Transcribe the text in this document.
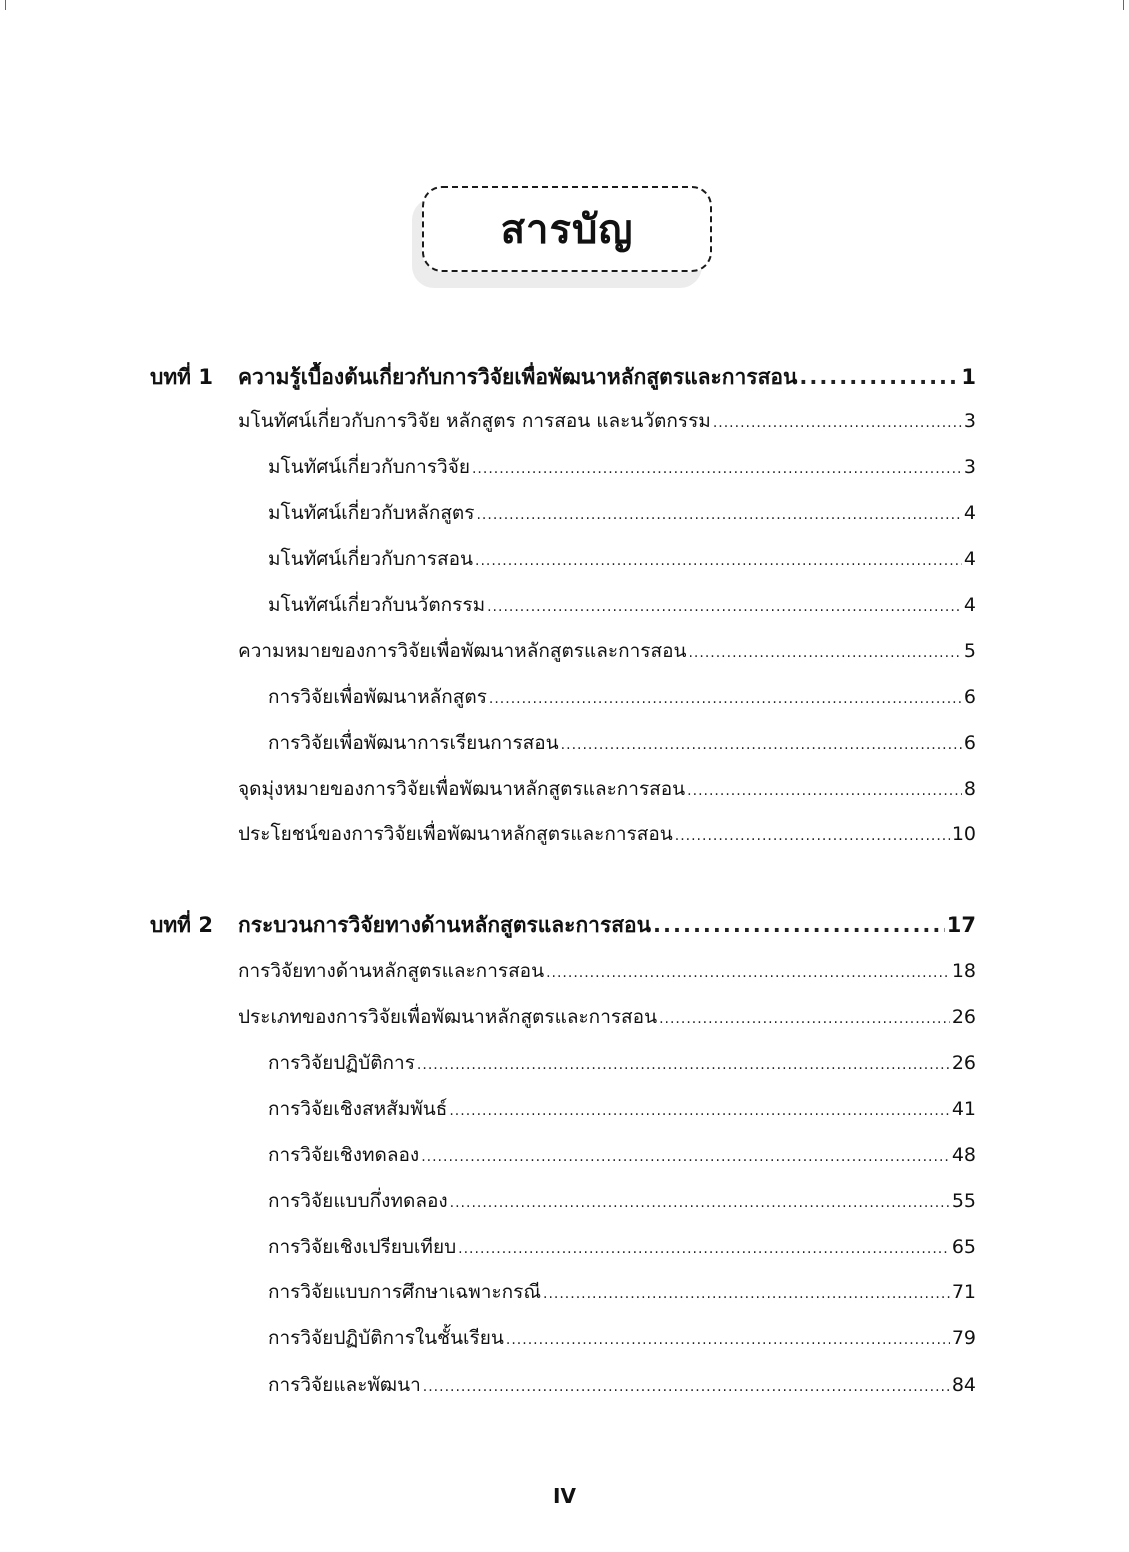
สารบัญ
บทที่ 1	ความรู้เบื้องต้นเกี่ยวกับการวิจัยเพื่อพัฒนาหลักสูตรและการสอน .....	1
มโนทัศน์เกี่ยวกับการวิจัย หลักสูตร การสอน และนวัตกรรม .....	3
มโนทัศน์เกี่ยวกับการวิจัย .....	3
มโนทัศน์เกี่ยวกับหลักสูตร .....	4
มโนทัศน์เกี่ยวกับการสอน .....	4
มโนทัศน์เกี่ยวกับนวัตกรรม .....	4
ความหมายของการวิจัยเพื่อพัฒนาหลักสูตรและการสอน .....	5
การวิจัยเพื่อพัฒนาหลักสูตร .....	6
การวิจัยเพื่อพัฒนาการเรียนการสอน .....	6
จุดมุ่งหมายของการวิจัยเพื่อพัฒนาหลักสูตรและการสอน .....	8
ประโยชน์ของการวิจัยเพื่อพัฒนาหลักสูตรและการสอน .....	10
บทที่ 2	กระบวนการวิจัยทางด้านหลักสูตรและการสอน .....	17
การวิจัยทางด้านหลักสูตรและการสอน .....	18
ประเภทของการวิจัยเพื่อพัฒนาหลักสูตรและการสอน .....	26
การวิจัยปฏิบัติการ .....	26
การวิจัยเชิงสหสัมพันธ์ .....	41
การวิจัยเชิงทดลอง .....	48
การวิจัยแบบกึ่งทดลอง .....	55
การวิจัยเชิงเปรียบเทียบ .....	65
การวิจัยแบบการศึกษาเฉพาะกรณี .....	71
การวิจัยปฏิบัติการในชั้นเรียน .....	79
การวิจัยและพัฒนา .....	84
IV
